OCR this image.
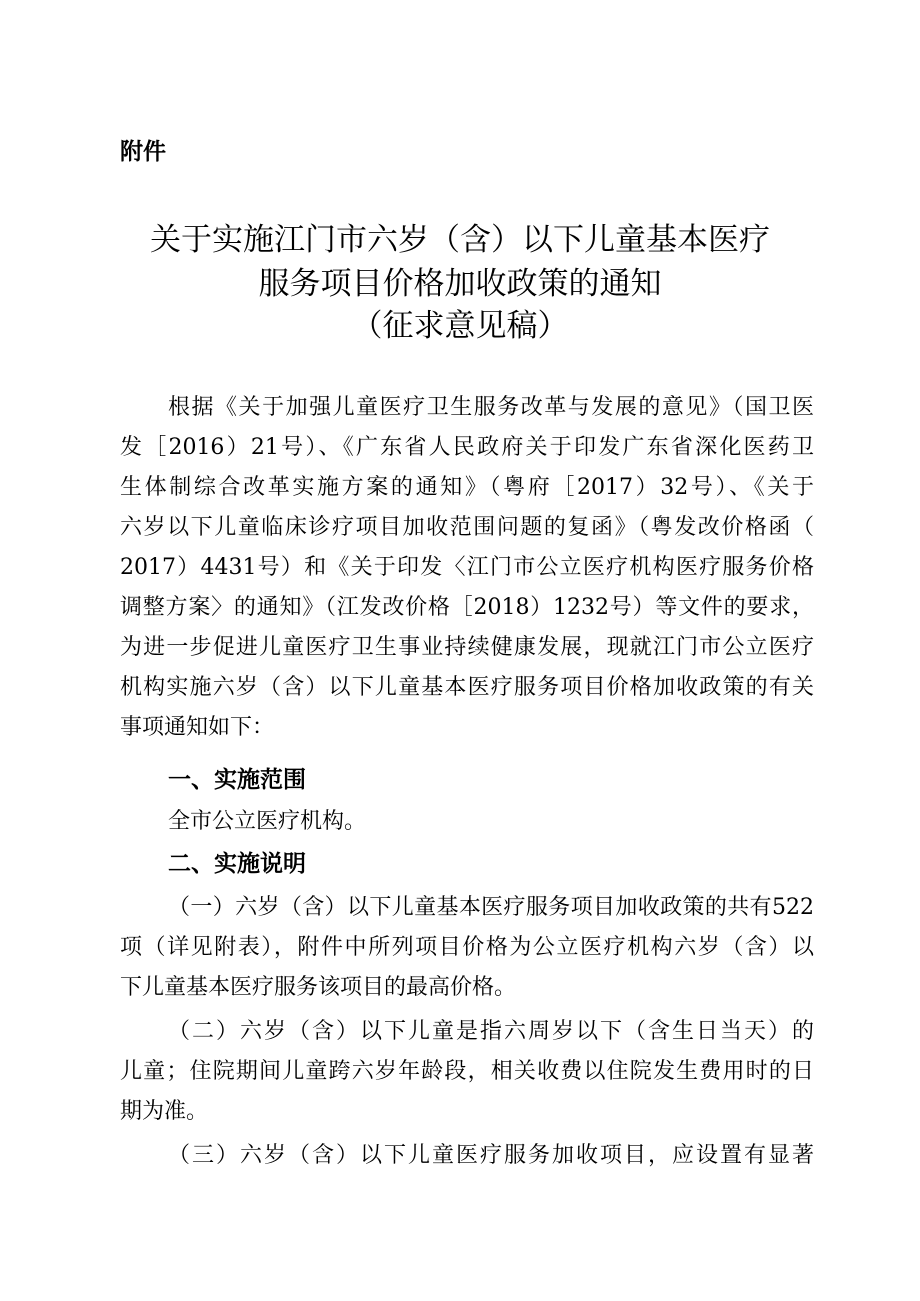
附件
关于实施江门市六岁（含）以下儿童基本医疗
服务项目价格加收政策的通知
（征求意见稿）
根据《关于加强儿童医疗卫生服务改革与发展的意见》（国卫医
发［2016）21号）、《广东省人民政府关于印发广东省深化医药卫
生体制综合改革实施方案的通知》（粤府［2017）32号）、《关于
六岁以下儿童临床诊疗项目加收范围问题的复函》（粤发改价格函（
2017）4431号）和《关于印发〈江门市公立医疗机构医疗服务价格
调整方案〉的通知》（江发改价格［2018）1232号）等文件的要求，
为进一步促进儿童医疗卫生事业持续健康发展，现就江门市公立医疗
机构实施六岁（含）以下儿童基本医疗服务项目价格加收政策的有关
事项通知如下：
一、实施范围
全市公立医疗机构。
二、实施说明
（一）六岁（含）以下儿童基本医疗服务项目加收政策的共有522
项（详见附表），附件中所列项目价格为公立医疗机构六岁（含）以
下儿童基本医疗服务该项目的最高价格。
（二）六岁（含）以下儿童是指六周岁以下（含生日当天）的
儿童；住院期间儿童跨六岁年龄段，相关收费以住院发生费用时的日
期为准。
（三）六岁（含）以下儿童医疗服务加收项目，应设置有显著
